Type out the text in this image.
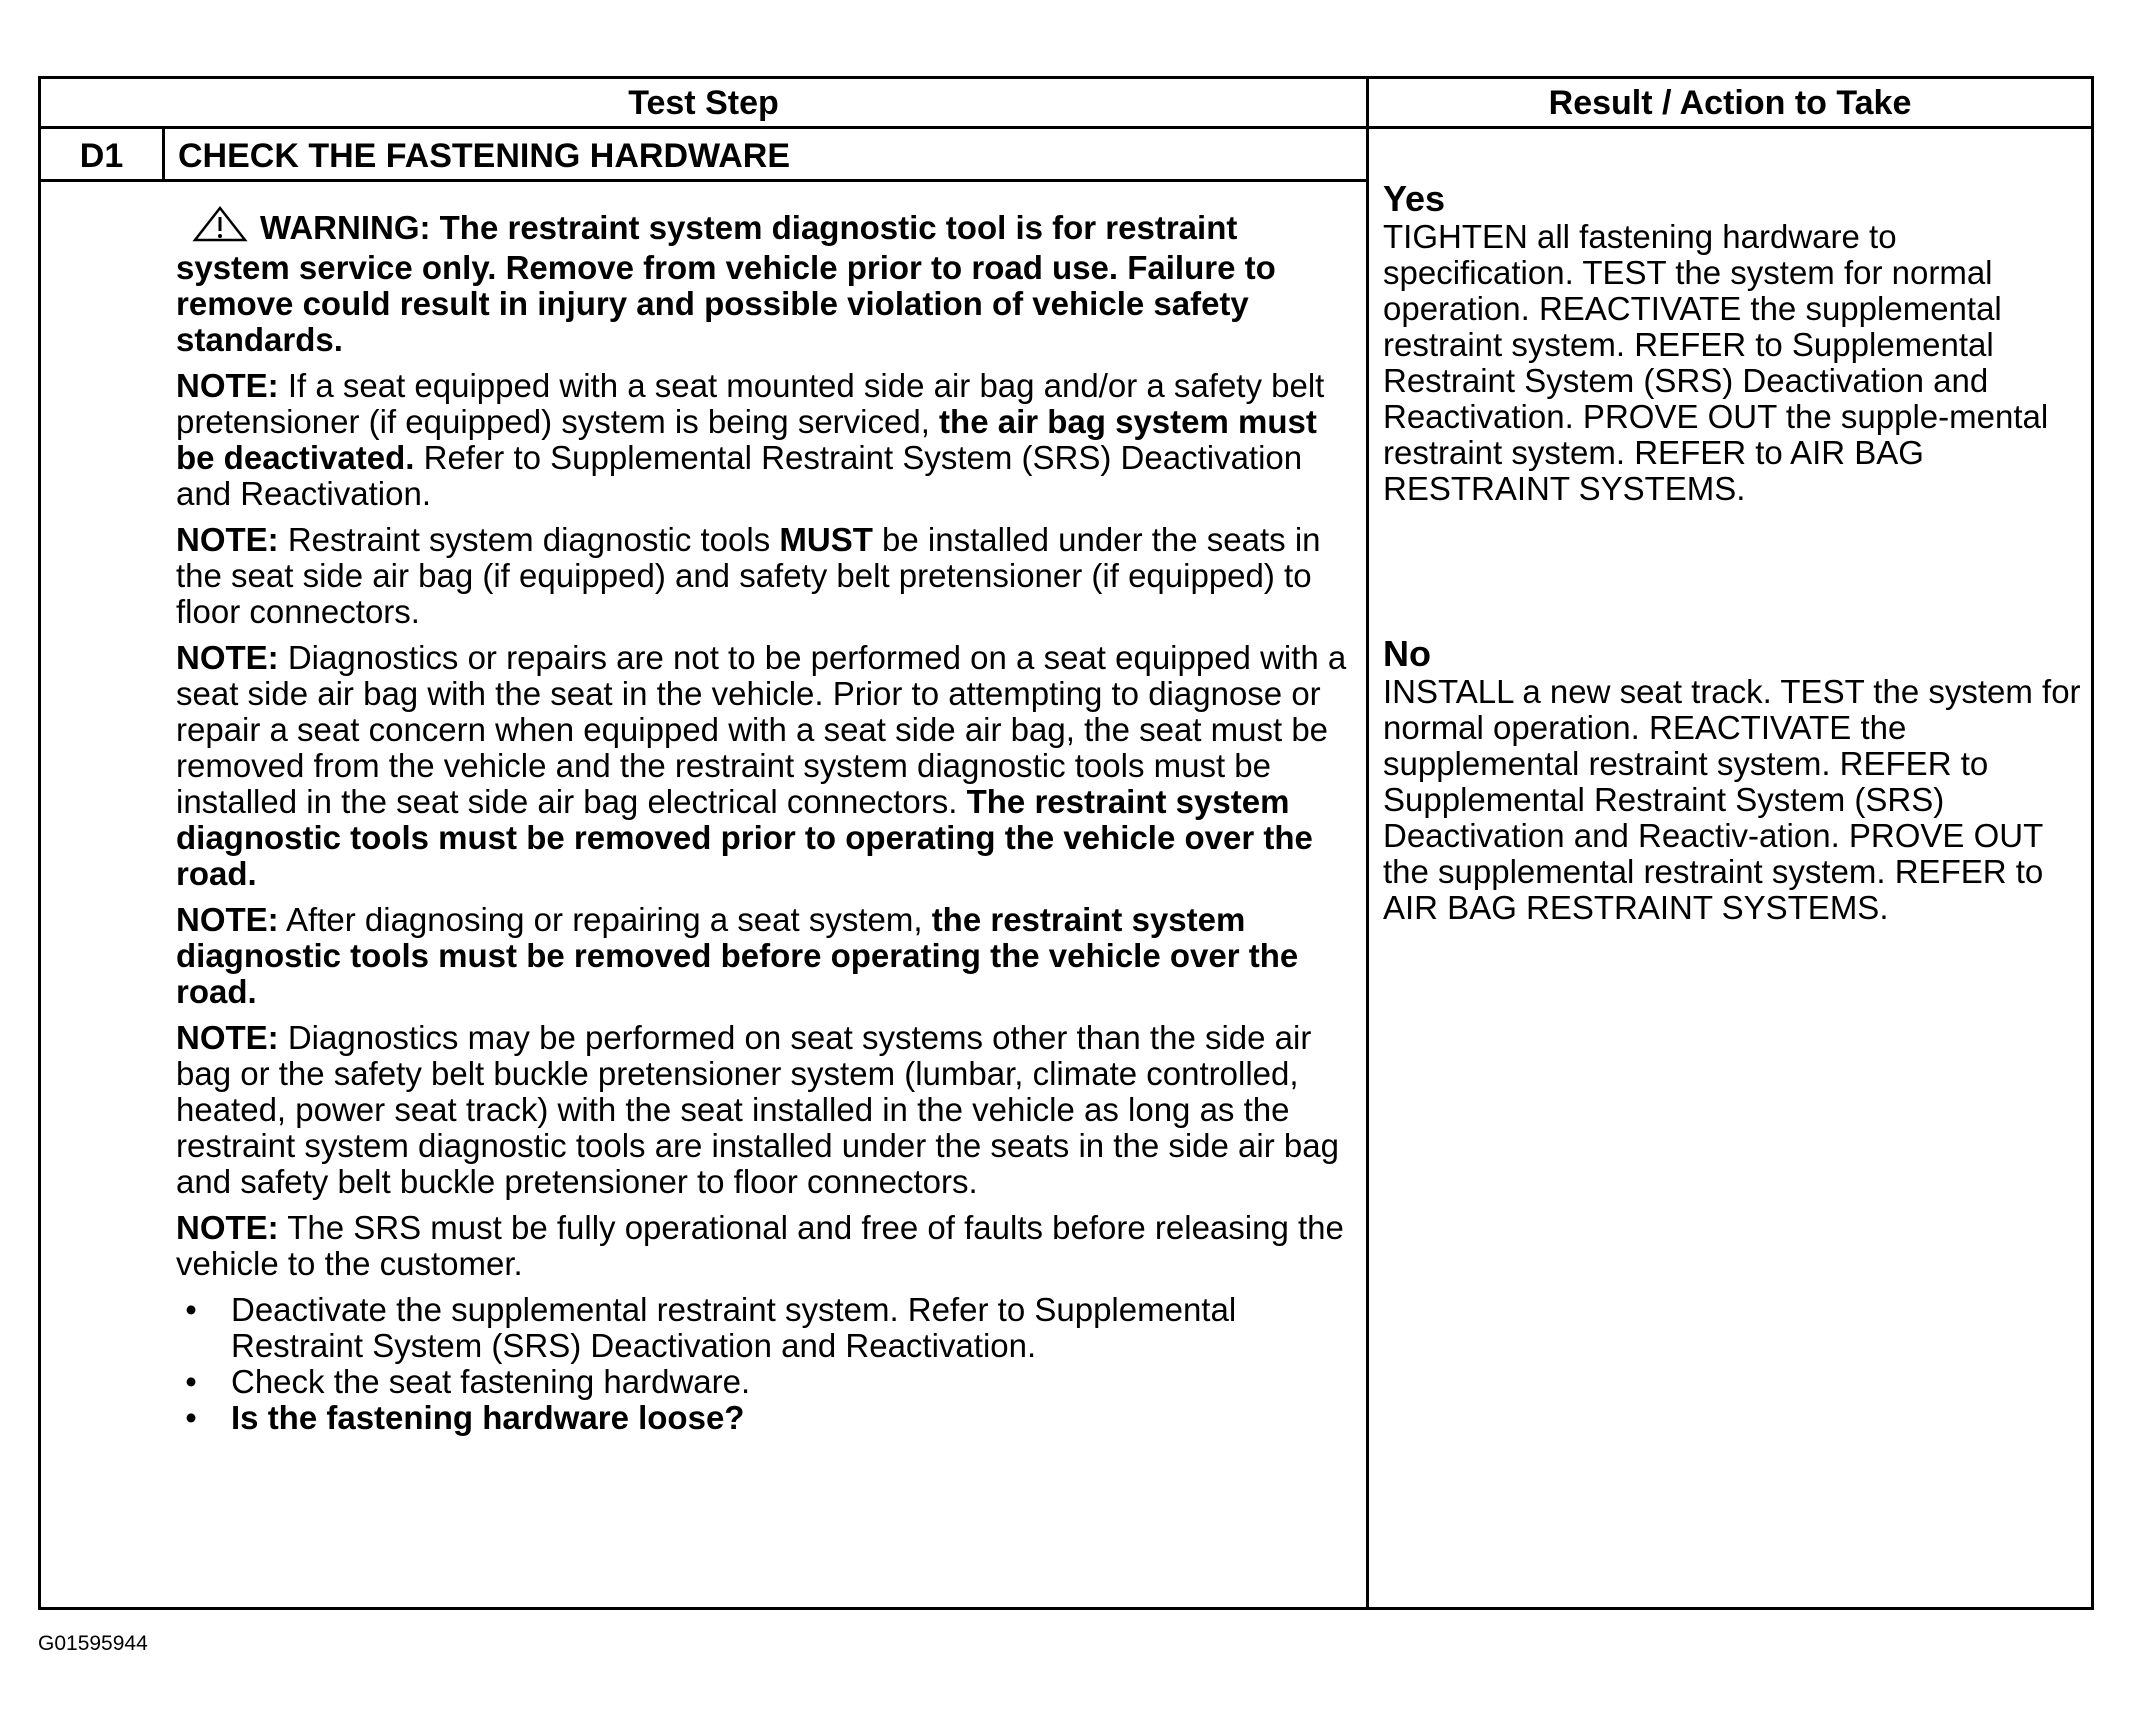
Test Step	Result / Action to Take
D1	CHECK THE FASTENING HARDWARE

WARNING: The restraint system diagnostic tool is for restraint system service only. Remove from vehicle prior to road use. Failure to remove could result in injury and possible violation of vehicle safety standards.

NOTE: If a seat equipped with a seat mounted side air bag and/or a safety belt pretensioner (if equipped) system is being serviced, the air bag system must be deactivated. Refer to Supplemental Restraint System (SRS) Deactivation and Reactivation.

NOTE: Restraint system diagnostic tools MUST be installed under the seats in the seat side air bag (if equipped) and safety belt pretensioner (if equipped) to floor connectors.

NOTE: Diagnostics or repairs are not to be performed on a seat equipped with a seat side air bag with the seat in the vehicle. Prior to attempting to diagnose or repair a seat concern when equipped with a seat side air bag, the seat must be removed from the vehicle and the restraint system diagnostic tools must be installed in the seat side air bag electrical connectors. The restraint system diagnostic tools must be removed prior to operating the vehicle over the road.

NOTE: After diagnosing or repairing a seat system, the restraint system diagnostic tools must be removed before operating the vehicle over the road.

NOTE: Diagnostics may be performed on seat systems other than the side air bag or the safety belt buckle pretensioner system (lumbar, climate controlled, heated, power seat track) with the seat installed in the vehicle as long as the restraint system diagnostic tools are installed under the seats in the side air bag and safety belt buckle pretensioner to floor connectors.

NOTE: The SRS must be fully operational and free of faults before releasing the vehicle to the customer.

• Deactivate the supplemental restraint system. Refer to Supplemental Restraint System (SRS) Deactivation and Reactivation.
• Check the seat fastening hardware.
• Is the fastening hardware loose?
Yes
TIGHTEN all fastening hardware to specification. TEST the system for normal operation. REACTIVATE the supplemental restraint system. REFER to Supplemental Restraint System (SRS) Deactivation and Reactivation. PROVE OUT the supple-mental restraint system. REFER to AIR BAG RESTRAINT SYSTEMS.
No
INSTALL a new seat track. TEST the system for normal operation. REACTIVATE the supplemental restraint system. REFER to Supplemental Restraint System (SRS) Deactivation and Reactiv-ation. PROVE OUT the supplemental restraint system. REFER to AIR BAG RESTRAINT SYSTEMS.
G01595944
